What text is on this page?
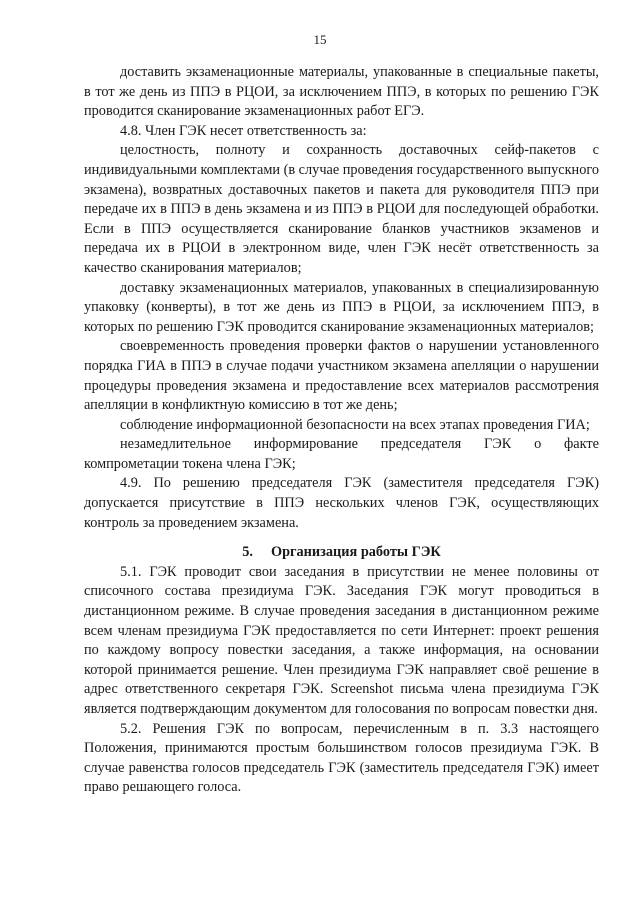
15

доставить экзаменационные материалы, упакованные в специальные пакеты, в тот же день из ППЭ в РЦОИ, за исключением ППЭ, в которых по решению ГЭК проводится сканирование экзаменационных работ ЕГЭ.

4.8. Член ГЭК несет ответственность за:

целостность, полноту и сохранность доставочных сейф-пакетов с индивидуальными комплектами (в случае проведения государственного выпускного экзамена), возвратных доставочных пакетов и пакета для руководителя ППЭ при передаче их в ППЭ в день экзамена и из ППЭ в РЦОИ для последующей обработки. Если в ППЭ осуществляется сканирование бланков участников экзаменов и передача их в РЦОИ в электронном виде, член ГЭК несёт ответственность за качество сканирования материалов;

доставку экзаменационных материалов, упакованных в специализированную упаковку (конверты), в тот же день из ППЭ в РЦОИ, за исключением ППЭ, в которых по решению ГЭК проводится сканирование экзаменационных материалов;

своевременность проведения проверки фактов о нарушении установленного порядка ГИА в ППЭ в случае подачи участником экзамена апелляции о нарушении процедуры проведения экзамена и предоставление всех материалов рассмотрения апелляции в конфликтную комиссию в тот же день;

соблюдение информационной безопасности на всех этапах проведения ГИА;

незамедлительное информирование председателя ГЭК о факте компрометации токена члена ГЭК;

4.9. По решению председателя ГЭК (заместителя председателя ГЭК) допускается присутствие в ППЭ нескольких членов ГЭК, осуществляющих контроль за проведением экзамена.

5. Организация работы ГЭК

5.1. ГЭК проводит свои заседания в присутствии не менее половины от списочного состава президиума ГЭК. Заседания ГЭК могут проводиться в дистанционном режиме. В случае проведения заседания в дистанционном режиме всем членам президиума ГЭК предоставляется по сети Интернет: проект решения по каждому вопросу повестки заседания, а также информация, на основании которой принимается решение. Член президиума ГЭК направляет своё решение в адрес ответственного секретаря ГЭК. Screenshot письма члена президиума ГЭК является подтверждающим документом для голосования по вопросам повестки дня.

5.2. Решения ГЭК по вопросам, перечисленным в п. 3.3 настоящего Положения, принимаются простым большинством голосов президиума ГЭК. В случае равенства голосов председатель ГЭК (заместитель председателя ГЭК) имеет право решающего голоса.
